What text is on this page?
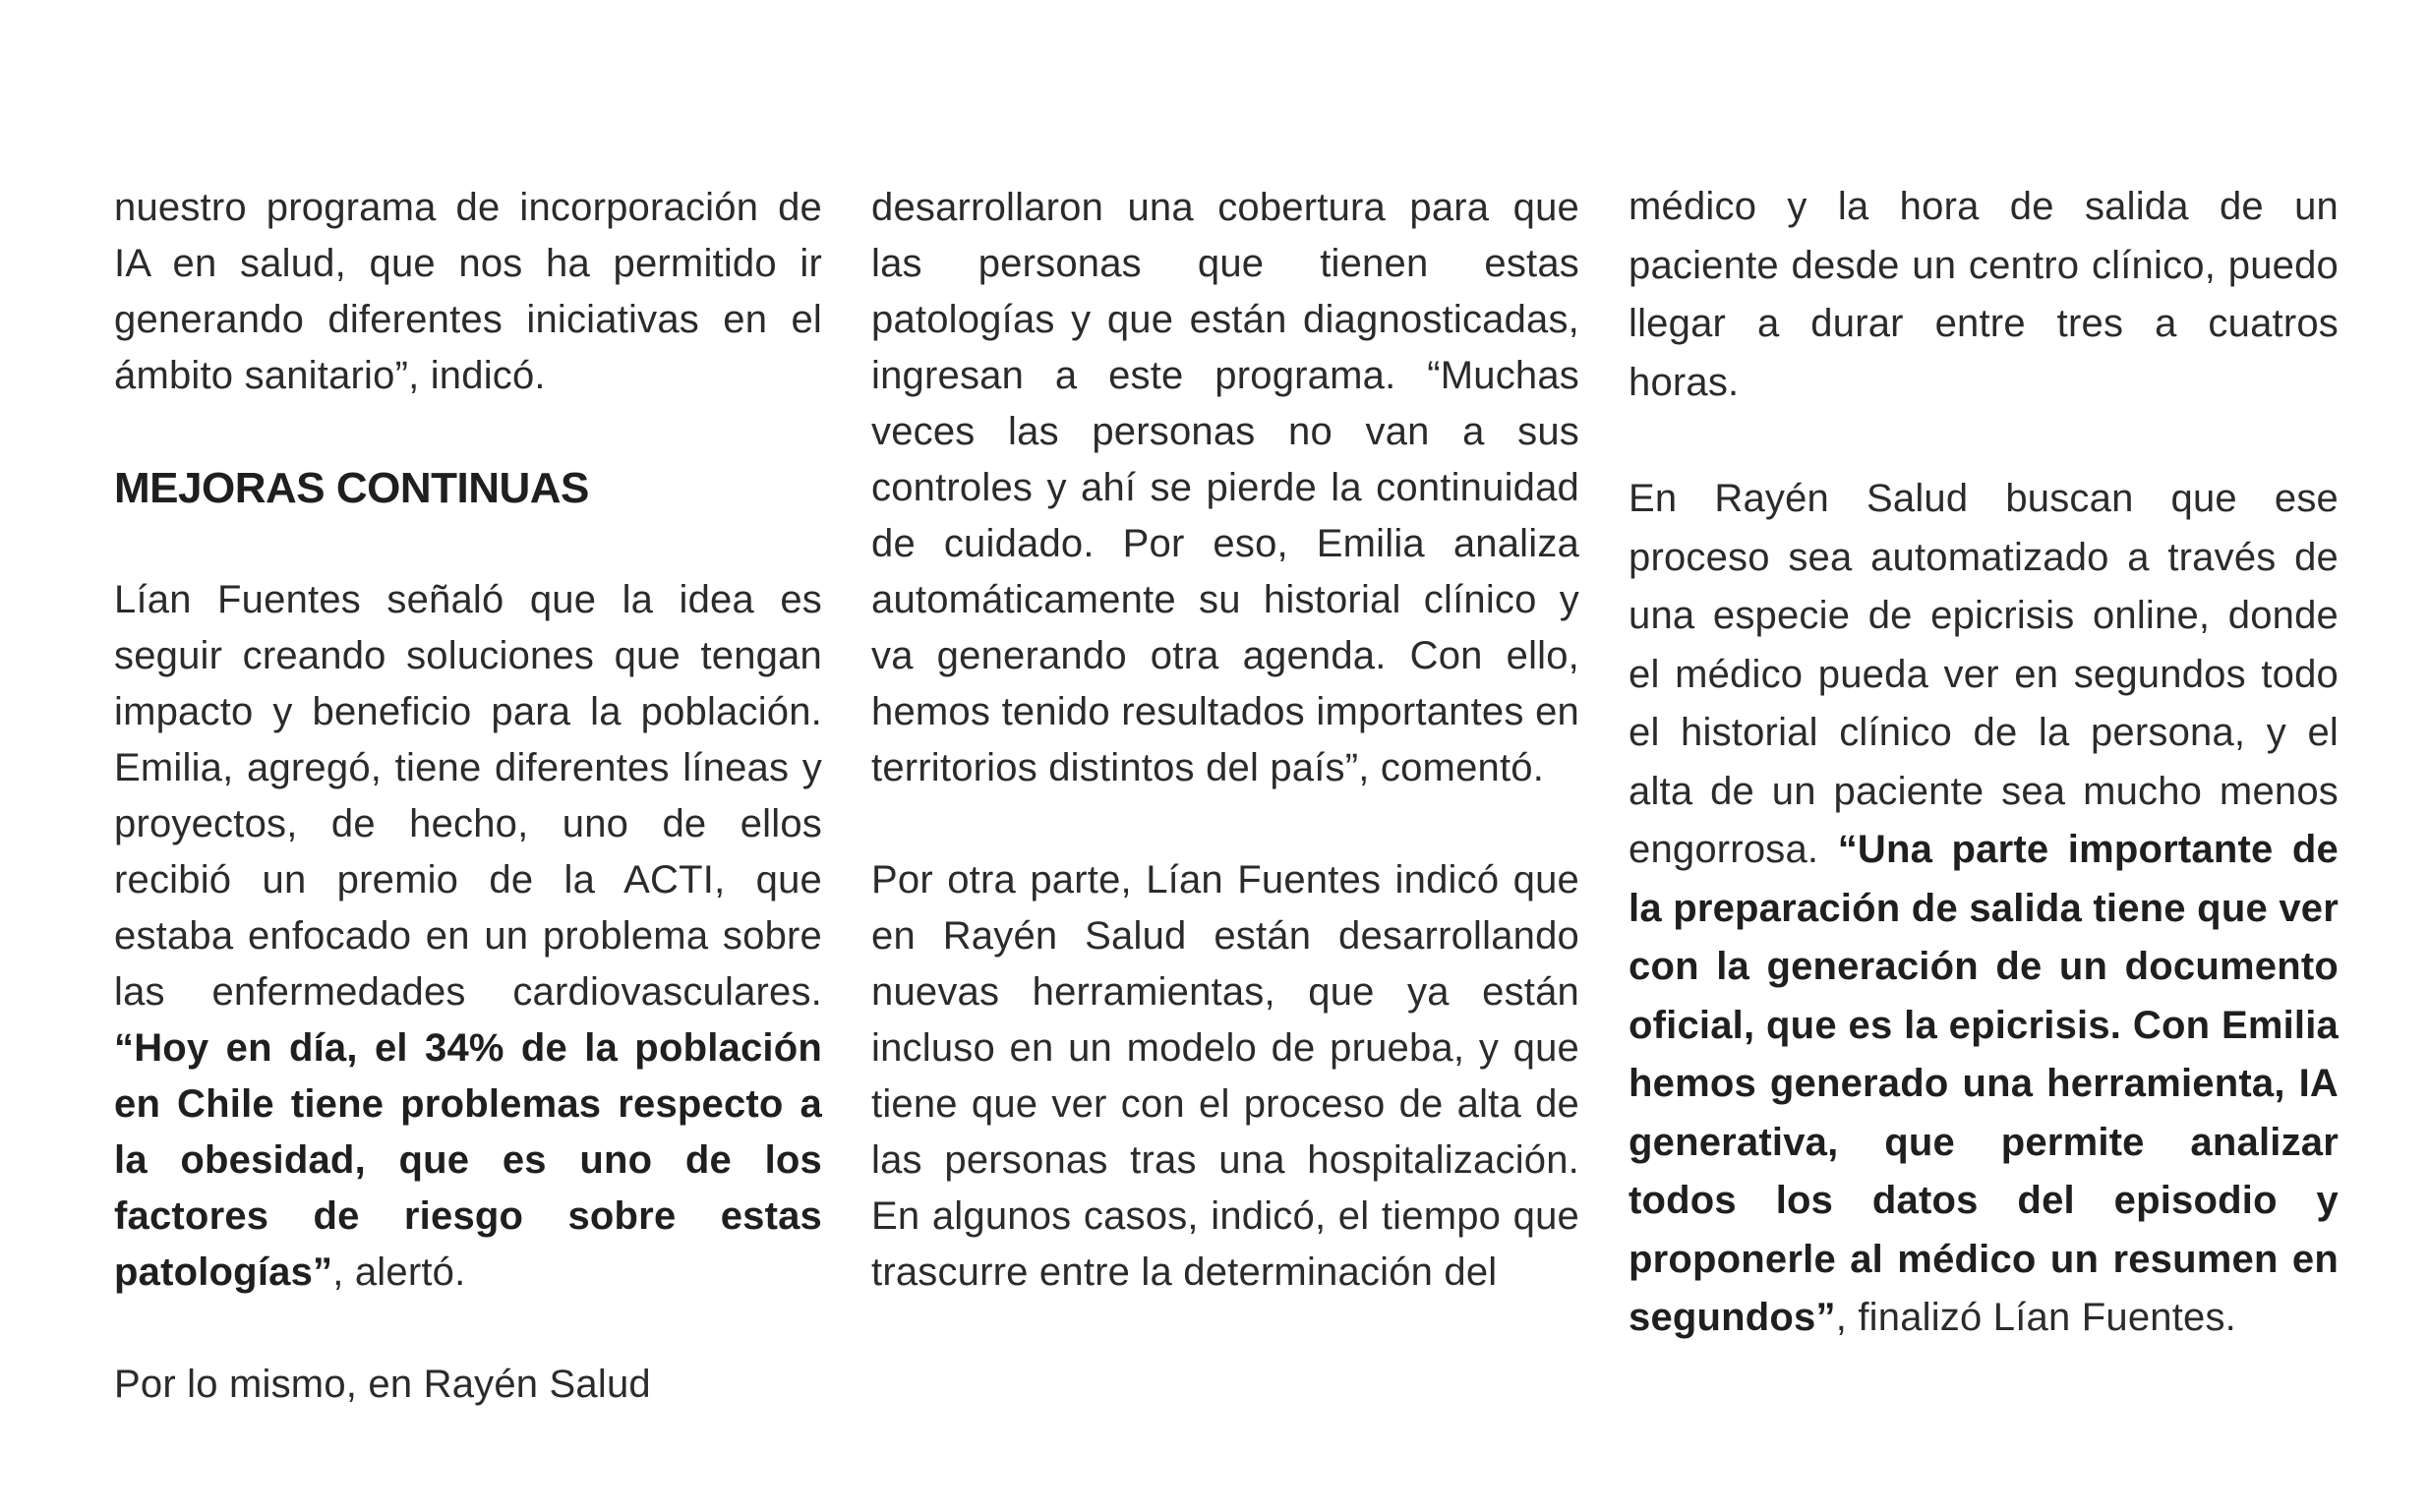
nuestro programa de incorporación de IA en salud, que nos ha permitido ir generando diferentes iniciativas en el ámbito sanitario”, indicó.

MEJORAS CONTINUAS

Lían Fuentes señaló que la idea es seguir creando soluciones que tengan impacto y beneficio para la población. Emilia, agregó, tiene diferentes líneas y proyectos, de hecho, uno de ellos recibió un premio de la ACTI, que estaba enfocado en un problema sobre las enfermedades cardiovasculares. “Hoy en día, el 34% de la población en Chile tiene problemas respecto a la obesidad, que es uno de los factores de riesgo sobre estas patologías”, alertó.

Por lo mismo, en Rayén Salud

desarrollaron una cobertura para que las personas que tienen estas patologías y que están diagnosticadas, ingresan a este programa. “Muchas veces las personas no van a sus controles y ahí se pierde la continuidad de cuidado. Por eso, Emilia analiza automáticamente su historial clínico y va generando otra agenda. Con ello, hemos tenido resultados importantes en territorios distintos del país”, comentó.

Por otra parte, Lían Fuentes indicó que en Rayén Salud están desarrollando nuevas herramientas, que ya están incluso en un modelo de prueba, y que tiene que ver con el proceso de alta de las personas tras una hospitalización. En algunos casos, indicó, el tiempo que trascurre entre la determinación del

médico y la hora de salida de un paciente desde un centro clínico, puedo llegar a durar entre tres a cuatros horas.

En Rayén Salud buscan que ese proceso sea automatizado a través de una especie de epicrisis online, donde el médico pueda ver en segundos todo el historial clínico de la persona, y el alta de un paciente sea mucho menos engorrosa. “Una parte importante de la preparación de salida tiene que ver con la generación de un documento oficial, que es la epicrisis. Con Emilia hemos generado una herramienta, IA generativa, que permite analizar todos los datos del episodio y proponerle al médico un resumen en segundos”, finalizó Lían Fuentes.
